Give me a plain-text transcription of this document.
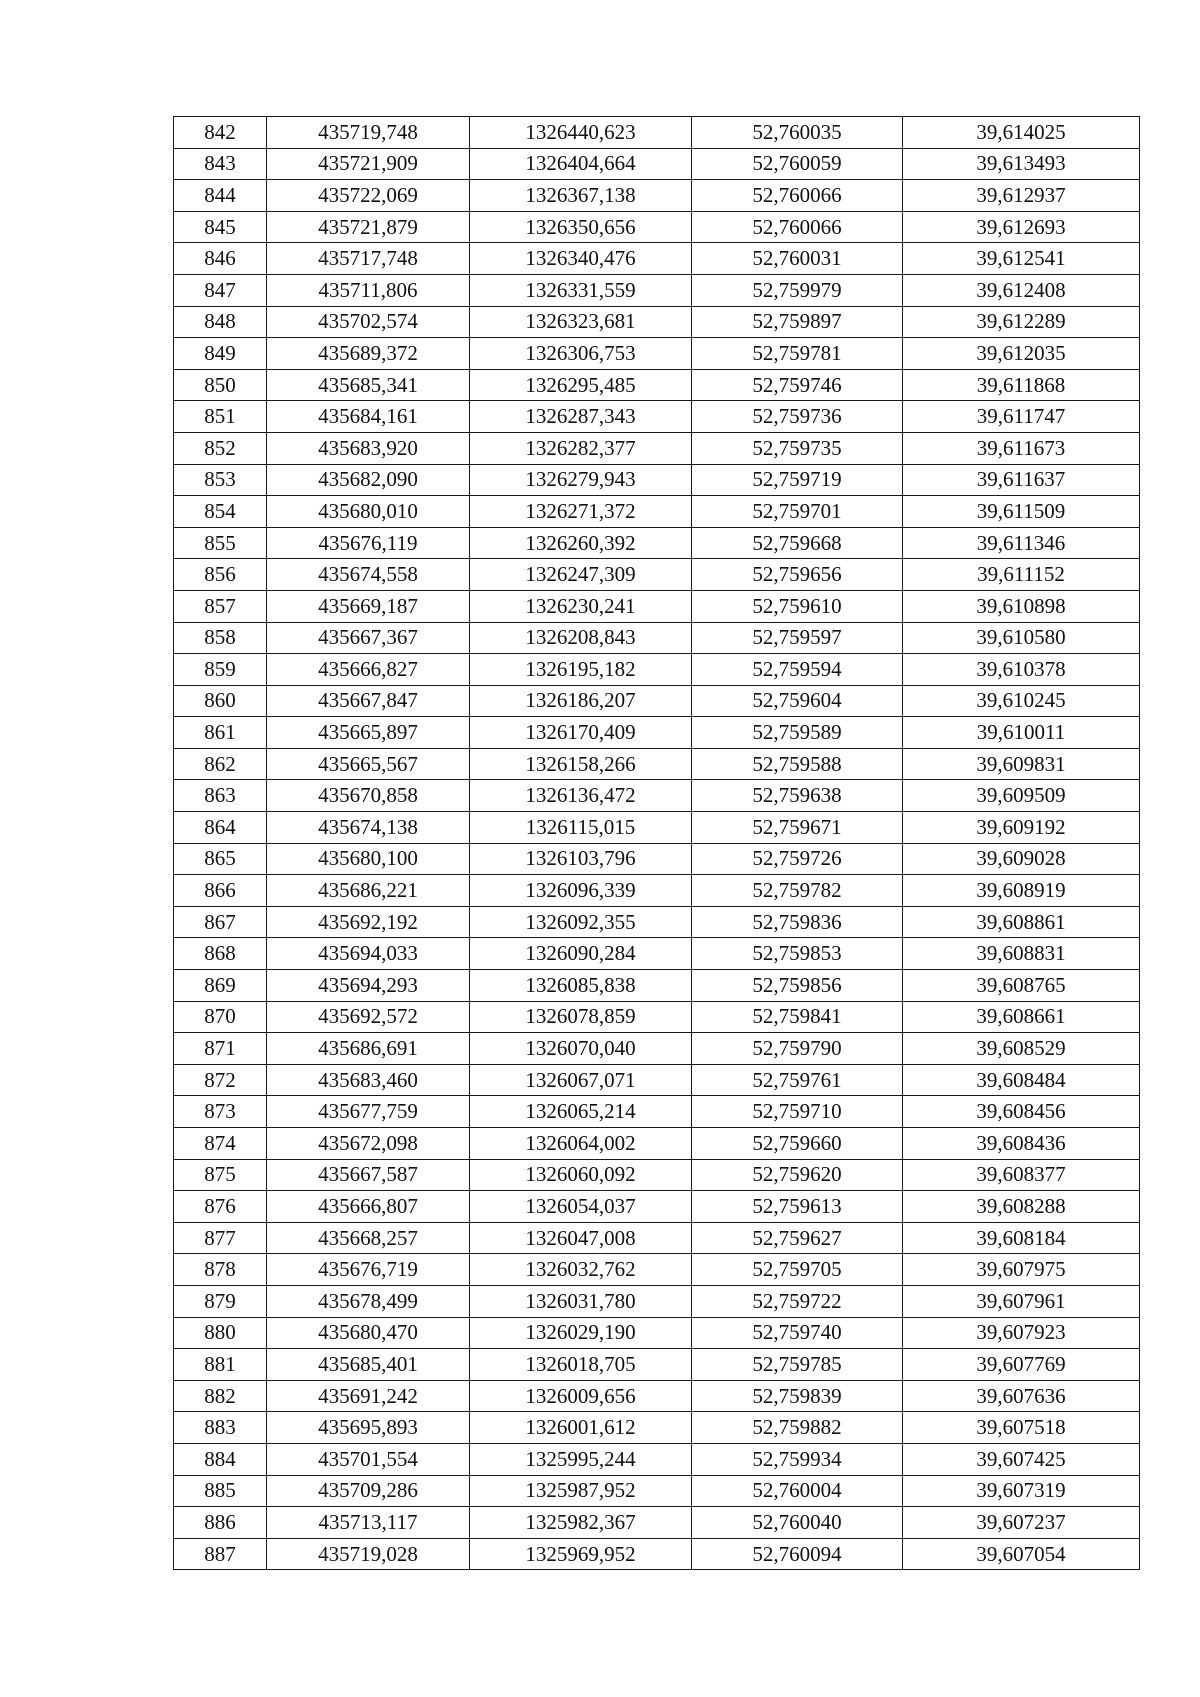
842	435719,748	1326440,623	52,760035	39,614025
843	435721,909	1326404,664	52,760059	39,613493
844	435722,069	1326367,138	52,760066	39,612937
845	435721,879	1326350,656	52,760066	39,612693
846	435717,748	1326340,476	52,760031	39,612541
847	435711,806	1326331,559	52,759979	39,612408
848	435702,574	1326323,681	52,759897	39,612289
849	435689,372	1326306,753	52,759781	39,612035
850	435685,341	1326295,485	52,759746	39,611868
851	435684,161	1326287,343	52,759736	39,611747
852	435683,920	1326282,377	52,759735	39,611673
853	435682,090	1326279,943	52,759719	39,611637
854	435680,010	1326271,372	52,759701	39,611509
855	435676,119	1326260,392	52,759668	39,611346
856	435674,558	1326247,309	52,759656	39,611152
857	435669,187	1326230,241	52,759610	39,610898
858	435667,367	1326208,843	52,759597	39,610580
859	435666,827	1326195,182	52,759594	39,610378
860	435667,847	1326186,207	52,759604	39,610245
861	435665,897	1326170,409	52,759589	39,610011
862	435665,567	1326158,266	52,759588	39,609831
863	435670,858	1326136,472	52,759638	39,609509
864	435674,138	1326115,015	52,759671	39,609192
865	435680,100	1326103,796	52,759726	39,609028
866	435686,221	1326096,339	52,759782	39,608919
867	435692,192	1326092,355	52,759836	39,608861
868	435694,033	1326090,284	52,759853	39,608831
869	435694,293	1326085,838	52,759856	39,608765
870	435692,572	1326078,859	52,759841	39,608661
871	435686,691	1326070,040	52,759790	39,608529
872	435683,460	1326067,071	52,759761	39,608484
873	435677,759	1326065,214	52,759710	39,608456
874	435672,098	1326064,002	52,759660	39,608436
875	435667,587	1326060,092	52,759620	39,608377
876	435666,807	1326054,037	52,759613	39,608288
877	435668,257	1326047,008	52,759627	39,608184
878	435676,719	1326032,762	52,759705	39,607975
879	435678,499	1326031,780	52,759722	39,607961
880	435680,470	1326029,190	52,759740	39,607923
881	435685,401	1326018,705	52,759785	39,607769
882	435691,242	1326009,656	52,759839	39,607636
883	435695,893	1326001,612	52,759882	39,607518
884	435701,554	1325995,244	52,759934	39,607425
885	435709,286	1325987,952	52,760004	39,607319
886	435713,117	1325982,367	52,760040	39,607237
887	435719,028	1325969,952	52,760094	39,607054
